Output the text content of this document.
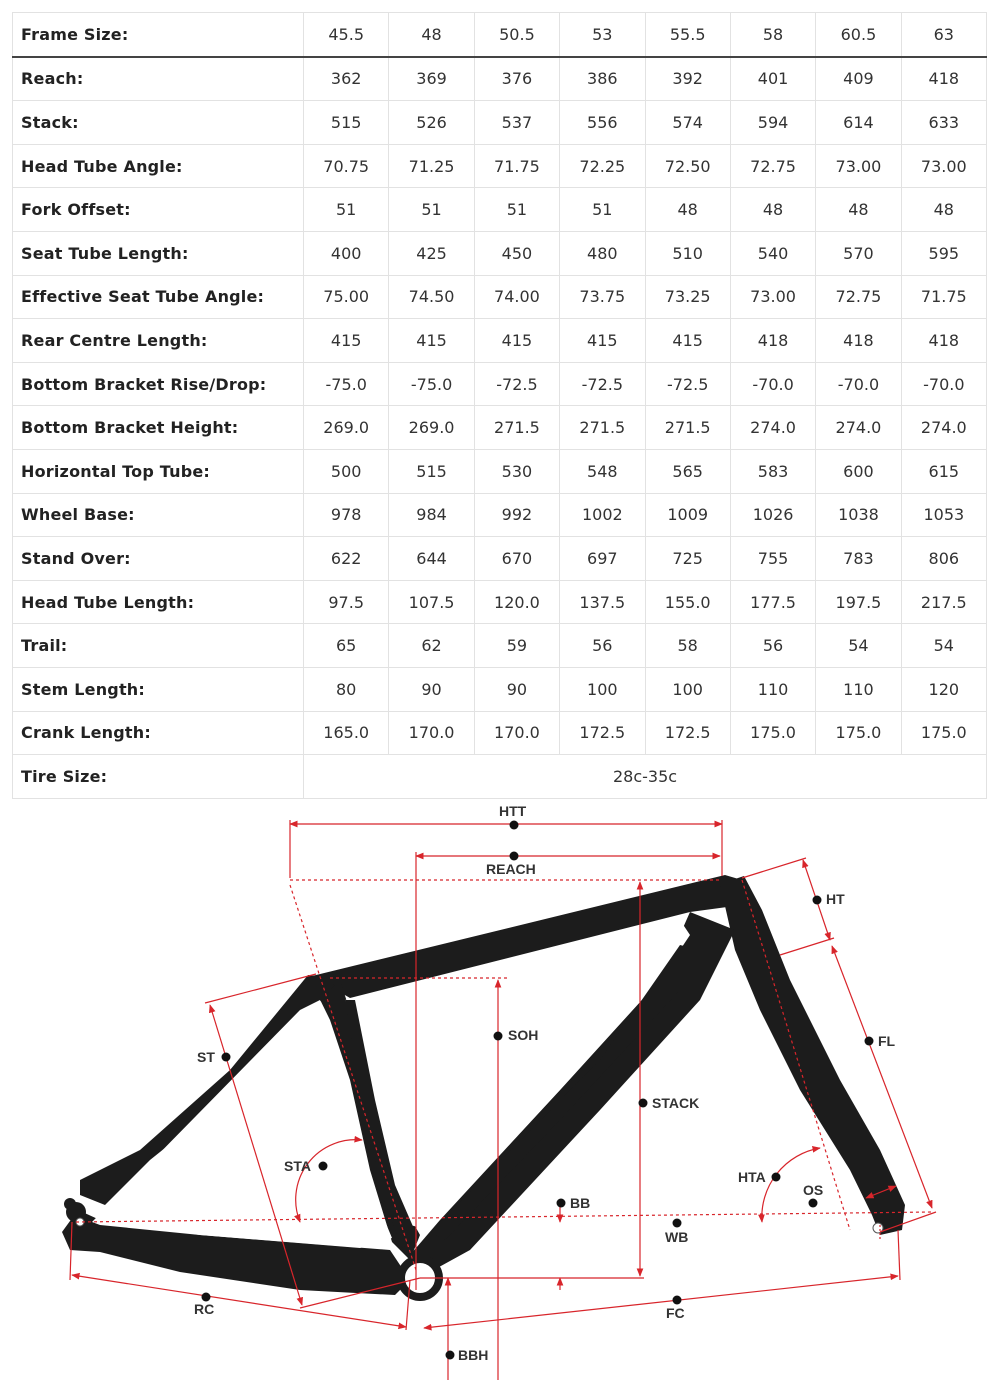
Frame Size:	45.5	48	50.5	53	55.5	58	60.5	63
Reach:	362	369	376	386	392	401	409	418
Stack:	515	526	537	556	574	594	614	633
Head Tube Angle:	70.75	71.25	71.75	72.25	72.50	72.75	73.00	73.00
Fork Offset:	51	51	51	51	48	48	48	48
Seat Tube Length:	400	425	450	480	510	540	570	595
Effective Seat Tube Angle:	75.00	74.50	74.00	73.75	73.25	73.00	72.75	71.75
Rear Centre Length:	415	415	415	415	415	418	418	418
Bottom Bracket Rise/Drop:	-75.0	-75.0	-72.5	-72.5	-72.5	-70.0	-70.0	-70.0
Bottom Bracket Height:	269.0	269.0	271.5	271.5	271.5	274.0	274.0	274.0
Horizontal Top Tube:	500	515	530	548	565	583	600	615
Wheel Base:	978	984	992	1002	1009	1026	1038	1053
Stand Over:	622	644	670	697	725	755	783	806
Head Tube Length:	97.5	107.5	120.0	137.5	155.0	177.5	197.5	217.5
Trail:	65	62	59	56	58	56	54	54
Stem Length:	80	90	90	100	100	110	110	120
Crank Length:	165.0	170.0	170.0	172.5	172.5	175.0	175.0	175.0
Tire Size:	28c-35c							
HTT
REACH
HT
SOH
ST
FL
STACK
STA
HTA
OS
BB
WB
RC	FC
BBH
